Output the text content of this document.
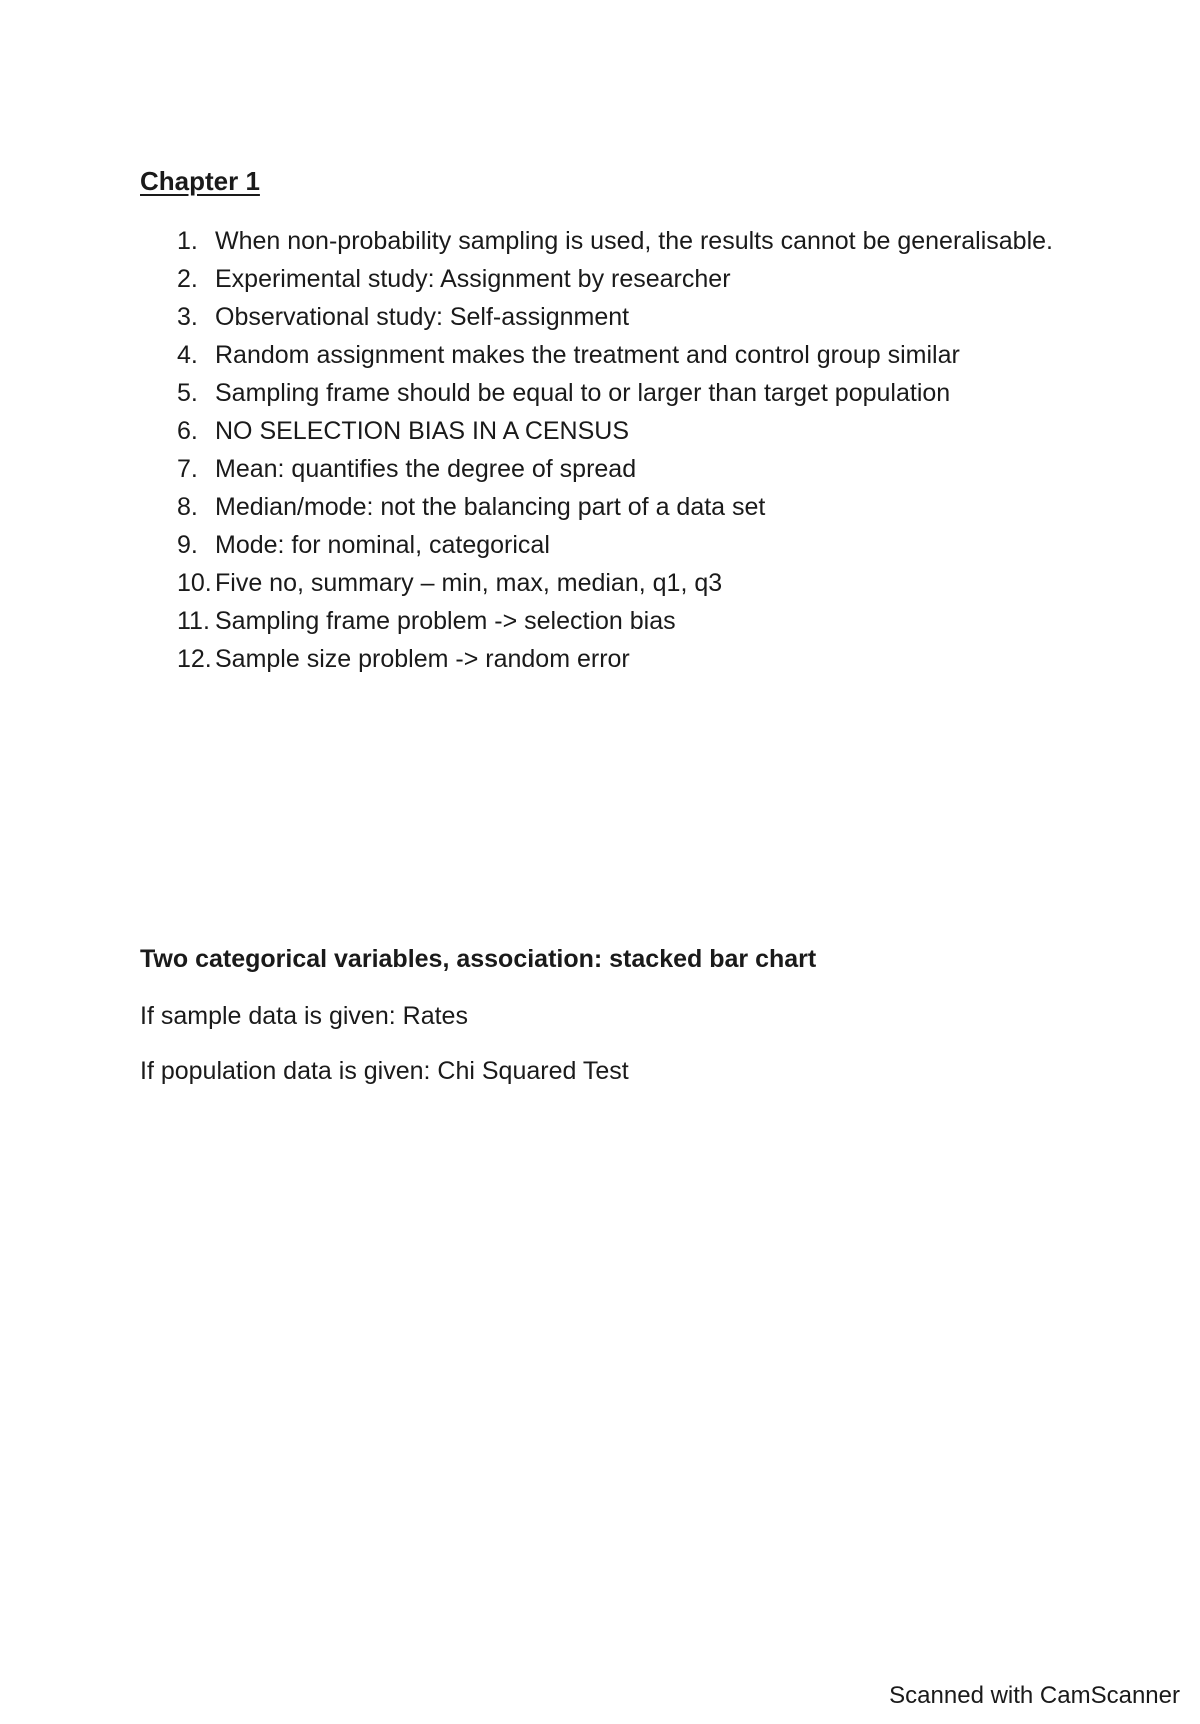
Chapter 1
1. When non-probability sampling is used, the results cannot be generalisable.
2. Experimental study: Assignment by researcher
3. Observational study: Self-assignment
4. Random assignment makes the treatment and control group similar
5. Sampling frame should be equal to or larger than target population
6. NO SELECTION BIAS IN A CENSUS
7. Mean: quantifies the degree of spread
8. Median/mode: not the balancing part of a data set
9. Mode: for nominal, categorical
10. Five no, summary – min, max, median, q1, q3
11. Sampling frame problem -> selection bias
12. Sample size problem -> random error
Two categorical variables, association: stacked bar chart

If sample data is given: Rates

If population data is given: Chi Squared Test

Scanned with CamScanner
